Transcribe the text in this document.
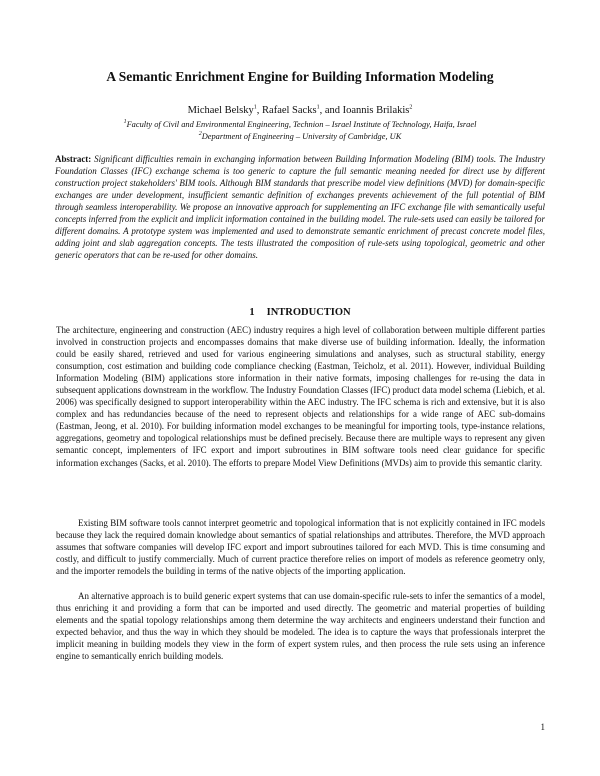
A Semantic Enrichment Engine for Building Information Modeling
Michael Belsky$^1$, Rafael Sacks$^1$, and Ioannis Brilakis$^2$
$^1$Faculty of Civil and Environmental Engineering, Technion – Israel Institute of Technology, Haifa, Israel
$^2$Department of Engineering – University of Cambridge, UK
Abstract: Significant difficulties remain in exchanging information between Building Information Modeling (BIM) tools. The Industry Foundation Classes (IFC) exchange schema is too generic to capture the full semantic meaning needed for direct use by different construction project stakeholders' BIM tools. Although BIM standards that prescribe model view definitions (MVD) for domain-specific exchanges are under development, insufficient semantic definition of exchanges prevents achievement of the full potential of BIM through seamless interoperability. We propose an innovative approach for supplementing an IFC exchange file with semantically useful concepts inferred from the explicit and implicit information contained in the building model. The rule-sets used can easily be tailored for different domains. A prototype system was implemented and used to demonstrate semantic enrichment of precast concrete model files, adding joint and slab aggregation concepts. The tests illustrated the composition of rule-sets using topological, geometric and other generic operators that can be re-used for other domains.
1 INTRODUCTION
The architecture, engineering and construction (AEC) industry requires a high level of collaboration between multiple different parties involved in construction projects and encompasses domains that make diverse use of building information. Ideally, the information could be easily shared, retrieved and used for various engineering simulations and analyses, such as structural stability, energy consumption, cost estimation and building code compliance checking (Eastman, Teicholz, et al. 2011). However, individual Building Information Modeling (BIM) applications store information in their native formats, imposing challenges for re-using the data in subsequent applications downstream in the workflow. The Industry Foundation Classes (IFC) product data model schema (Liebich, et al. 2006) was specifically designed to support interoperability within the AEC industry. The IFC schema is rich and extensive, but it is also complex and has redundancies because of the need to represent objects and relationships for a wide range of AEC sub-domains (Eastman, Jeong, et al. 2010). For building information model exchanges to be meaningful for importing tools, type-instance relations, aggregations, geometry and topological relationships must be defined precisely. Because there are multiple ways to represent any given semantic concept, implementers of IFC export and import subroutines in BIM software tools need clear guidance for specific information exchanges (Sacks, et al. 2010). The efforts to prepare Model View Definitions (MVDs) aim to provide this semantic clarity.
Existing BIM software tools cannot interpret geometric and topological information that is not explicitly contained in IFC models because they lack the required domain knowledge about semantics of spatial relationships and attributes. Therefore, the MVD approach assumes that software companies will develop IFC export and import subroutines tailored for each MVD. This is time consuming and costly, and difficult to justify commercially. Much of current practice therefore relies on import of models as reference geometry only, and the importer remodels the building in terms of the native objects of the importing application.
An alternative approach is to build generic expert systems that can use domain-specific rule-sets to infer the semantics of a model, thus enriching it and providing a form that can be imported and used directly. The geometric and material properties of building elements and the spatial topology relationships among them determine the way architects and engineers understand their function and expected behavior, and thus the way in which they should be modeled. The idea is to capture the ways that professionals interpret the implicit meaning in building models they view in the form of expert system rules, and then process the rule sets using an inference engine to semantically enrich building models.
1
